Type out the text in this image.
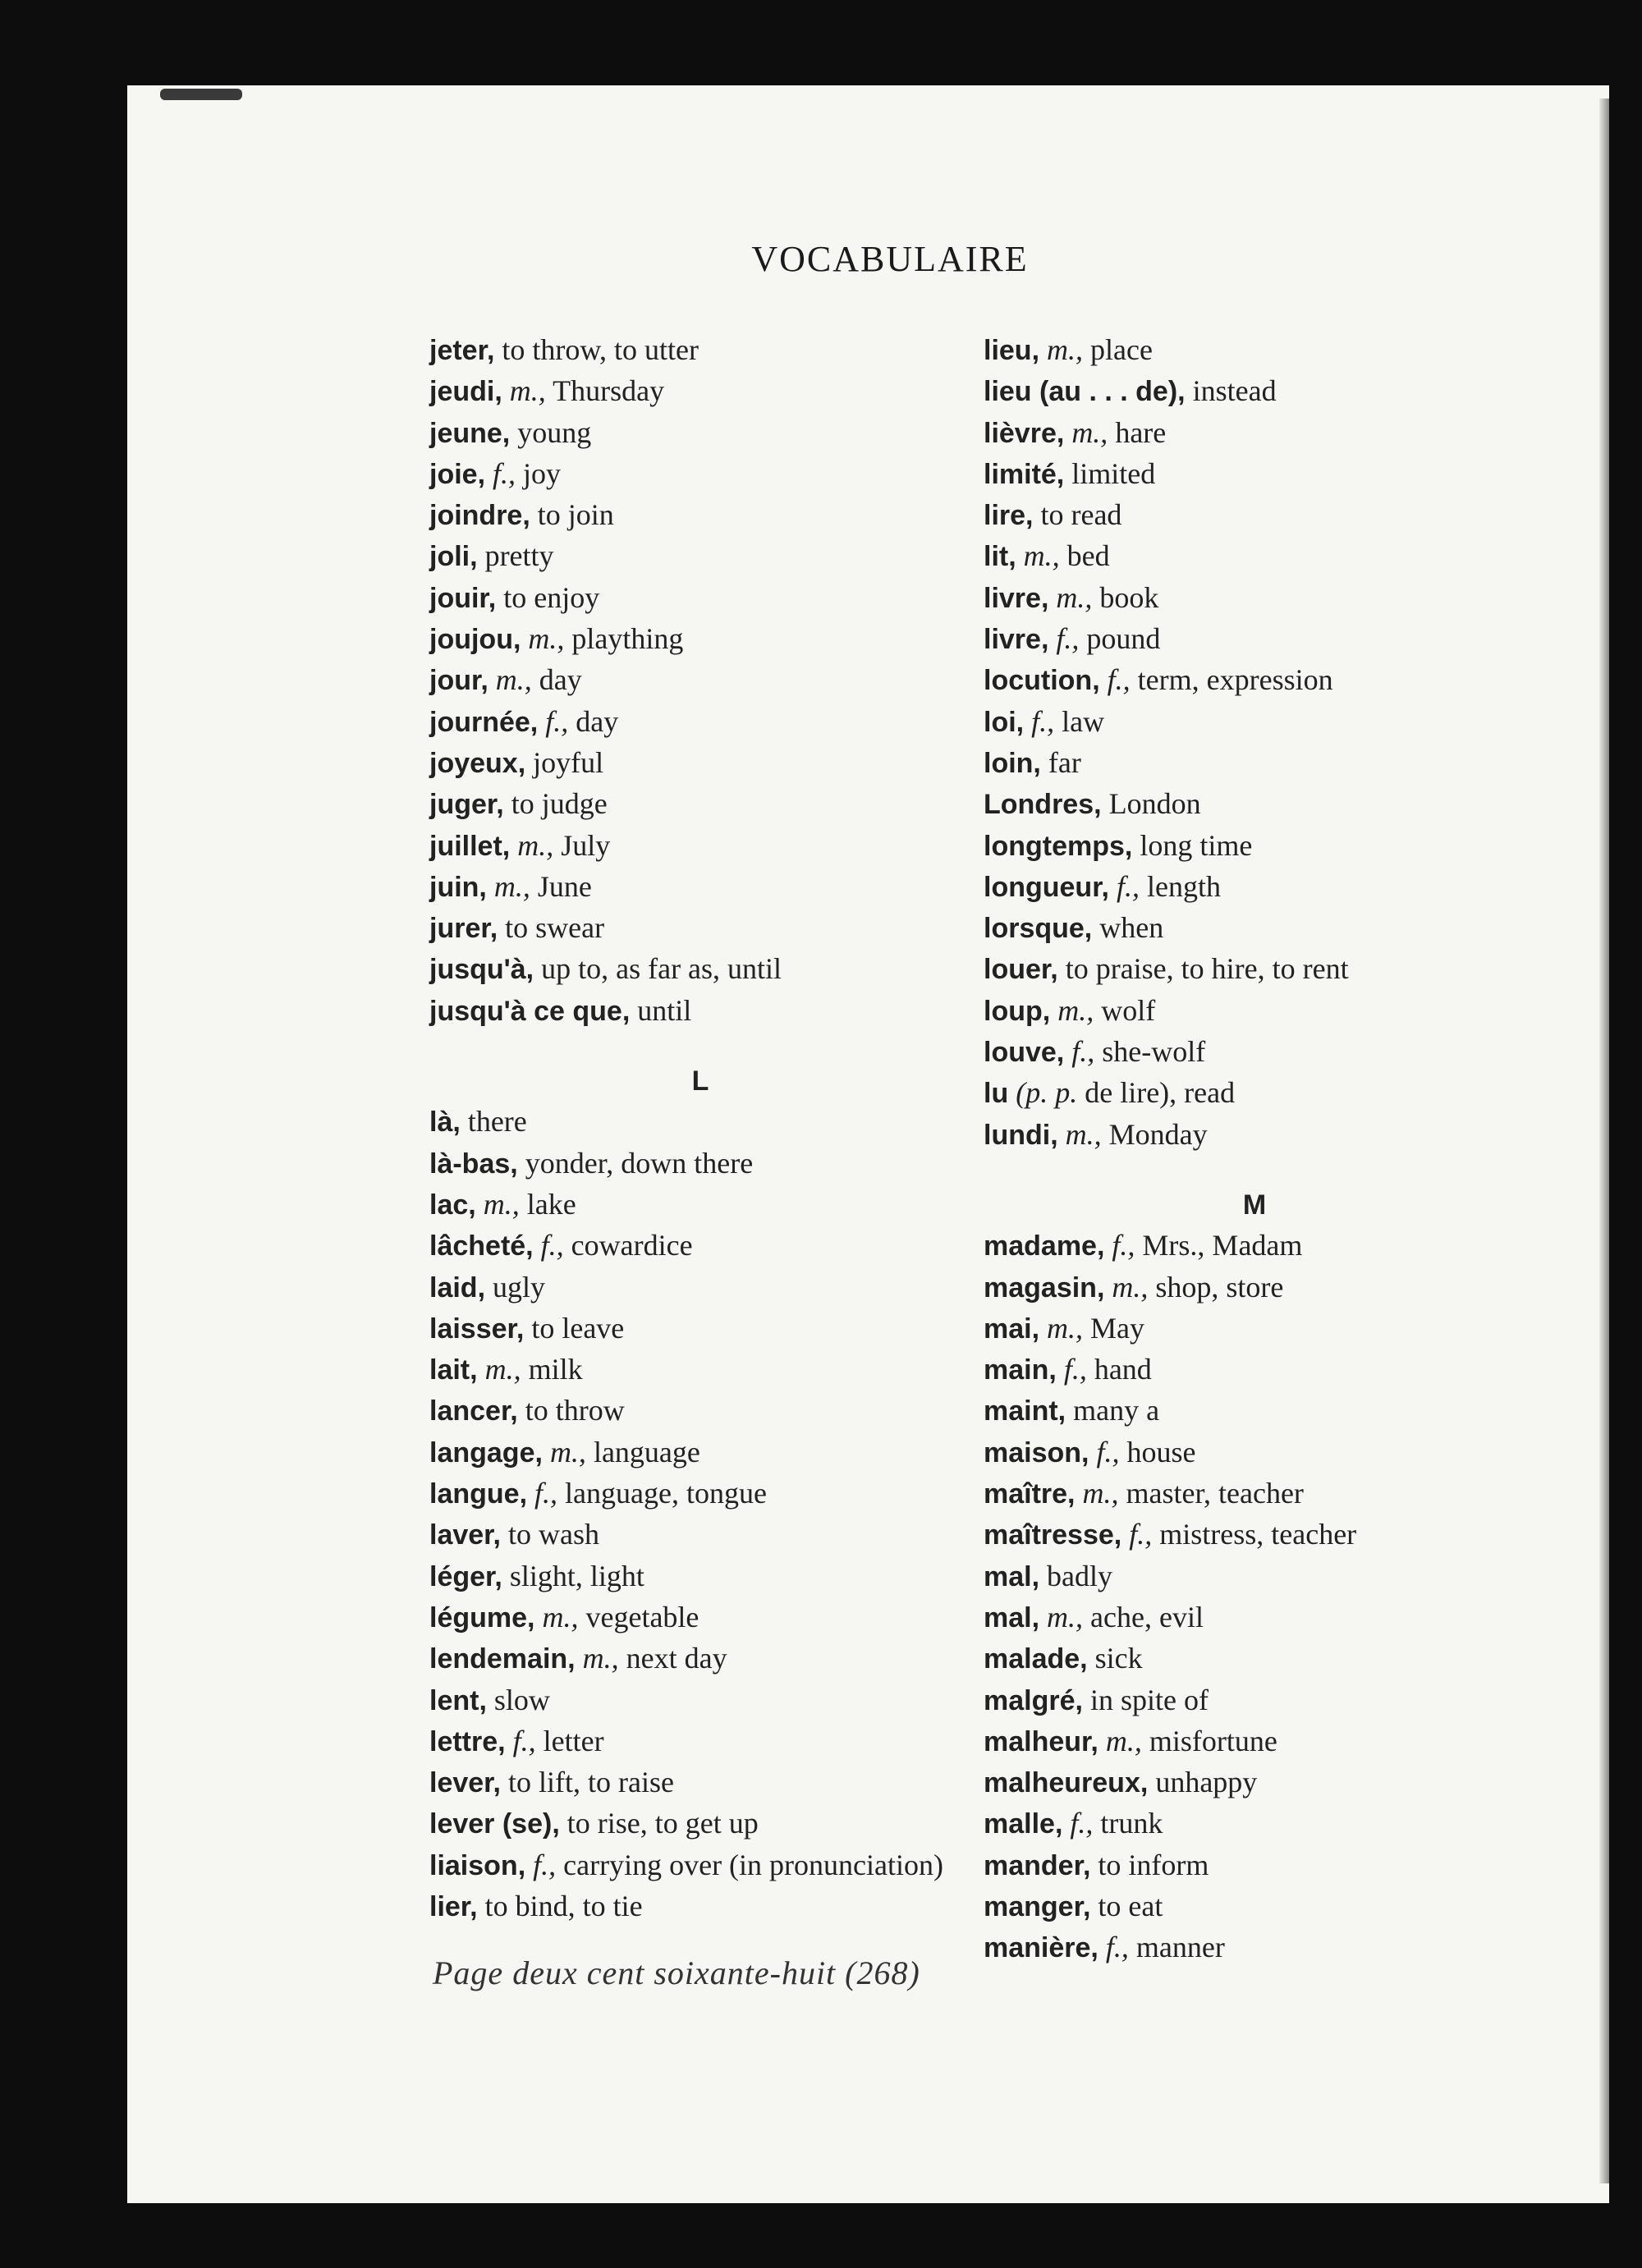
VOCABULAIRE
jeter, to throw, to utter
jeudi, m., Thursday
jeune, young
joie, f., joy
joindre, to join
joli, pretty
jouir, to enjoy
joujou, m., plaything
jour, m., day
journée, f., day
joyeux, joyful
juger, to judge
juillet, m., July
juin, m., June
jurer, to swear
jusqu'à, up to, as far as, until
jusqu'à ce que, until
L
là, there
là-bas, yonder, down there
lac, m., lake
lâcheté, f., cowardice
laid, ugly
laisser, to leave
lait, m., milk
lancer, to throw
langage, m., language
langue, f., language, tongue
laver, to wash
léger, slight, light
légume, m., vegetable
lendemain, m., next day
lent, slow
lettre, f., letter
lever, to lift, to raise
lever (se), to rise, to get up
liaison, f., carrying over (in pronunciation)
lier, to bind, to tie
lieu, m., place
lieu (au . . . de), instead
lièvre, m., hare
limité, limited
lire, to read
lit, m., bed
livre, m., book
livre, f., pound
locution, f., term, expression
loi, f., law
loin, far
Londres, London
longtemps, long time
longueur, f., length
lorsque, when
louer, to praise, to hire, to rent
loup, m., wolf
louve, f., she-wolf
lu (p. p. de lire), read
lundi, m., Monday
M
madame, f., Mrs., Madam
magasin, m., shop, store
mai, m., May
main, f., hand
maint, many a
maison, f., house
maître, m., master, teacher
maîtresse, f., mistress, teacher
mal, badly
mal, m., ache, evil
malade, sick
malgré, in spite of
malheur, m., misfortune
malheureux, unhappy
malle, f., trunk
mander, to inform
manger, to eat
manière, f., manner
Page deux cent soixante-huit (268)
